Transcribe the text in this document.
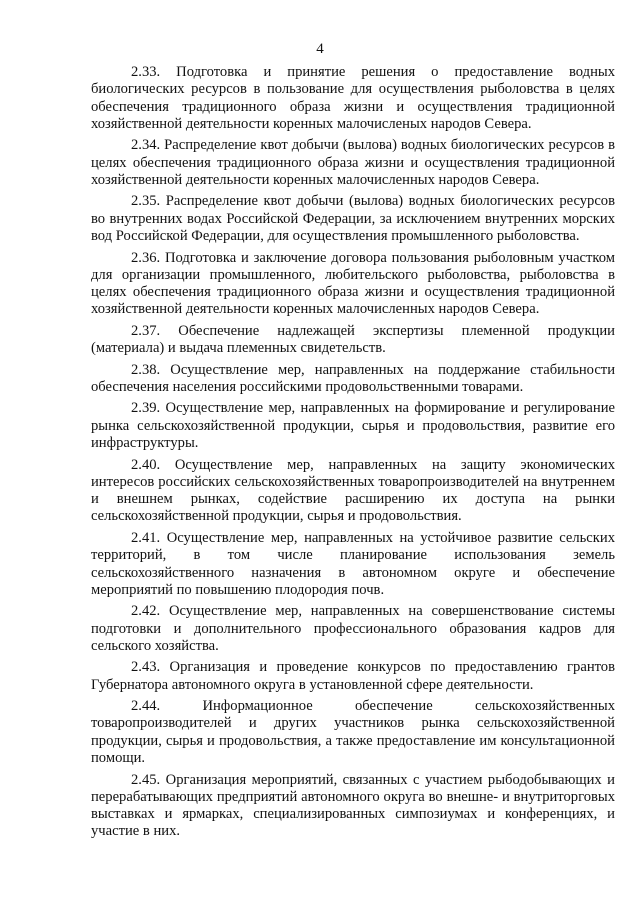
4

2.33. Подготовка и принятие решения о предоставление водных биологических ресурсов в пользование для осуществления рыболовства в целях обеспечения традиционного образа жизни и осуществления традиционной хозяйственной деятельности коренных малочисленых народов Севера.

2.34. Распределение квот добычи (вылова) водных биологических ресурсов в целях обеспечения традиционного образа жизни и осуществления традиционной хозяйственной деятельности коренных малочисленных народов Севера.

2.35. Распределение квот добычи (вылова) водных биологических ресурсов во внутренних водах Российской Федерации, за исключением внутренних морских вод Российской Федерации, для осуществления промышленного рыболовства.

2.36. Подготовка и заключение договора пользования рыболовным участком для организации промышленного, любительского рыболовства, рыболовства в целях обеспечения традиционного образа жизни и осуществления традиционной хозяйственной деятельности коренных малочисленных народов Севера.

2.37. Обеспечение надлежащей экспертизы племенной продукции (материала) и выдача племенных свидетельств.

2.38. Осуществление мер, направленных на поддержание стабильности обеспечения населения российскими продовольственными товарами.

2.39. Осуществление мер, направленных на формирование и регулирование рынка сельскохозяйственной продукции, сырья и продовольствия, развитие его инфраструктуры.

2.40. Осуществление мер, направленных на защиту экономических интересов российских сельскохозяйственных товаропроизводителей на внутреннем и внешнем рынках, содействие расширению их доступа на рынки сельскохозяйственной продукции, сырья и продовольствия.

2.41. Осуществление мер, направленных на устойчивое развитие сельских территорий, в том числе планирование использования земель сельскохозяйственного назначения в автономном округе и обеспечение мероприятий по повышению плодородия почв.

2.42. Осуществление мер, направленных на совершенствование системы подготовки и дополнительного профессионального образования кадров для сельского хозяйства.

2.43. Организация и проведение конкурсов по предоставлению грантов Губернатора автономного округа в установленной сфере деятельности.

2.44. Информационное обеспечение сельскохозяйственных товаропроизводителей и других участников рынка сельскохозяйственной продукции, сырья и продовольствия, а также предоставление им консультационной помощи.

2.45. Организация мероприятий, связанных с участием рыбодобывающих и перерабатывающих предприятий автономного округа во внешне- и внутриторговых выставках и ярмарках, специализированных симпозиумах и конференциях, и участие в них.
